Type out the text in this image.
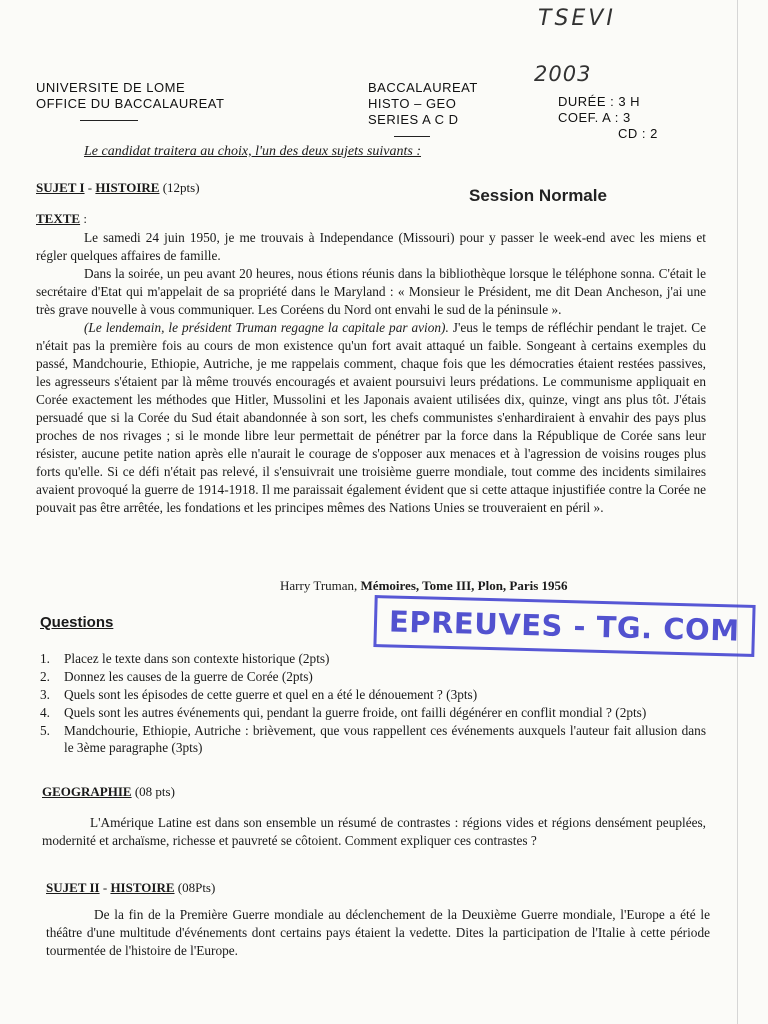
TSEVI
2003
UNIVERSITE DE LOME
OFFICE DU BACCALAUREAT
BACCALAUREAT
HISTO – GEO
SERIES A C D
DURÉE : 3 H
COEF. A : 3
CD : 2
Le candidat traitera au choix, l'un des deux sujets suivants :
SUJET I - HISTOIRE (12pts)	Session Normale
TEXTE :

Le samedi 24 juin 1950, je me trouvais à Independance (Missouri) pour y passer le week-end avec les miens et régler quelques affaires de famille.

Dans la soirée, un peu avant 20 heures, nous étions réunis dans la bibliothèque lorsque le téléphone sonna. C'était le secrétaire d'Etat qui m'appelait de sa propriété dans le Maryland : « Monsieur le Président, me dit Dean Ancheson, j'ai une très grave nouvelle à vous communiquer. Les Coréens du Nord ont envahi le sud de la péninsule ».

(Le lendemain, le président Truman regagne la capitale par avion). J'eus le temps de réfléchir pendant le trajet. Ce n'était pas la première fois au cours de mon existence qu'un fort avait attaqué un faible. Songeant à certains exemples du passé, Mandchourie, Ethiopie, Autriche, je me rappelais comment, chaque fois que les démocraties étaient restées passives, les agresseurs s'étaient par là même trouvés encouragés et avaient poursuivi leurs prédations. Le communisme appliquait en Corée exactement les méthodes que Hitler, Mussolini et les Japonais avaient utilisées dix, quinze, vingt ans plus tôt. J'étais persuadé que si la Corée du Sud était abandonnée à son sort, les chefs communistes s'enhardiraient à envahir des pays plus proches de nos rivages ; si le monde libre leur permettait de pénétrer par la force dans la République de Corée sans leur résister, aucune petite nation après elle n'aurait le courage de s'opposer aux menaces et à l'agression de voisins rouges plus forts qu'elle. Si ce défi n'était pas relevé, il s'ensuivrait une troisième guerre mondiale, tout comme des incidents similaires avaient provoqué la guerre de 1914-1918. Il me paraissait également évident que si cette attaque injustifiée contre la Corée ne pouvait pas être arrêtée, les fondations et les principes mêmes des Nations Unies se trouveraient en péril ».

Harry Truman, Mémoires, Tome III, Plon, Paris 1956
Questions	EPREUVES - TG. COM
1.	Placez le texte dans son contexte historique (2pts)
2.	Donnez les causes de la guerre de Corée (2pts)
3.	Quels sont les épisodes de cette guerre et quel en a été le dénouement ? (3pts)
4.	Quels sont les autres événements qui, pendant la guerre froide, ont failli dégénérer en conflit mondial ? (2pts)
5.	Mandchourie, Ethiopie, Autriche : brièvement, que vous rappellent ces événements auxquels l'auteur fait allusion dans le 3ème paragraphe (3pts)
GEOGRAPHIE (08 pts)

L'Amérique Latine est dans son ensemble un résumé de contrastes : régions vides et régions densément peuplées, modernité et archaïsme, richesse et pauvreté se côtoient. Comment expliquer ces contrastes ?

SUJET II - HISTOIRE (08Pts)

De la fin de la Première Guerre mondiale au déclenchement de la Deuxième Guerre mondiale, l'Europe a été le théâtre d'une multitude d'événements dont certains pays étaient la vedette. Dites la participation de l'Italie à cette période tourmentée de l'histoire de l'Europe.
